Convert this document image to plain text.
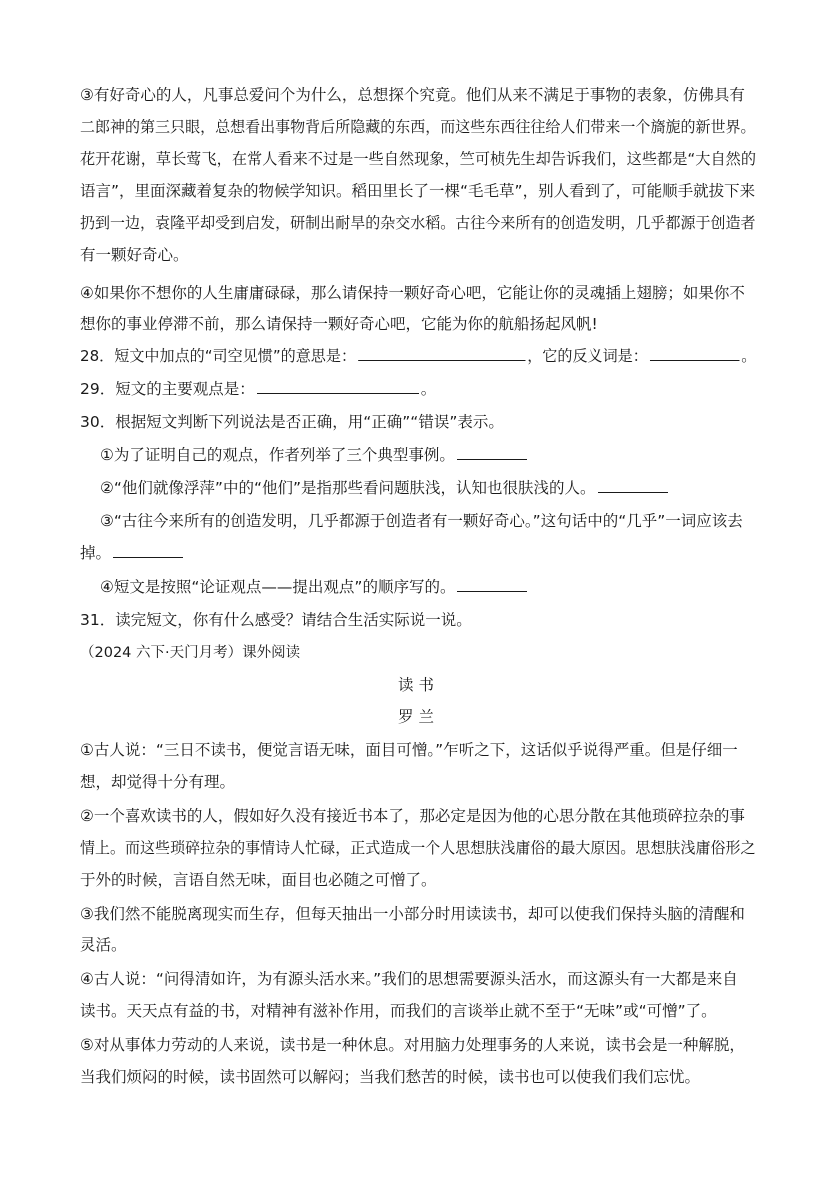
③有好奇心的人，凡事总爱问个为什么，总想探个究竟。他们从来不满足于事物的表象，仿佛具有
二郎神的第三只眼，总想看出事物背后所隐藏的东西，而这些东西往往给人们带来一个旖旎的新世界。
花开花谢，草长莺飞，在常人看来不过是一些自然现象，竺可桢先生却告诉我们，这些都是“大自然的
语言”，里面深藏着复杂的物候学知识。稻田里长了一棵“毛毛草”，别人看到了，可能顺手就拔下来
扔到一边，袁隆平却受到启发，研制出耐旱的杂交水稻。古往今来所有的创造发明，几乎都源于创造者
有一颗好奇心。
④如果你不想你的人生庸庸碌碌，那么请保持一颗好奇心吧，它能让你的灵魂插上翅膀；如果你不
想你的事业停滞不前，那么请保持一颗好奇心吧，它能为你的航船扬起风帆!
28．短文中加点的“司空见惯”的意思是：	，它的反义词是：	。
29．短文的主要观点是：	。
30．根据短文判断下列说法是否正确，用“正确”“错误”表示。
①为了证明自己的观点，作者列举了三个典型事例。
②“他们就像浮萍”中的“他们”是指那些看问题肤浅，认知也很肤浅的人。
③“古往今来所有的创造发明，几乎都源于创造者有一颗好奇心。”这句话中的“几乎”一词应该去
掉。
④短文是按照“论证观点——提出观点”的顺序写的。
31．读完短文，你有什么感受？请结合生活实际说一说。
（2024 六下·天门月考）课外阅读
读 书
罗 兰
①古人说：“三日不读书，便觉言语无味，面目可憎。”乍听之下，这话似乎说得严重。但是仔细一
想，却觉得十分有理。
②一个喜欢读书的人，假如好久没有接近书本了，那必定是因为他的心思分散在其他琐碎拉杂的事
情上。而这些琐碎拉杂的事情诗人忙碌，正式造成一个人思想肤浅庸俗的最大原因。思想肤浅庸俗形之
于外的时候，言语自然无味，面目也必随之可憎了。
③我们然不能脱离现实而生存，但每天抽出一小部分时用读读书，却可以使我们保持头脑的清醒和
灵活。
④古人说：“问得清如许，为有源头活水来。”我们的思想需要源头活水，而这源头有一大都是来自
读书。天天点有益的书，对精神有滋补作用，而我们的言谈举止就不至于“无味”或“可憎”了。
⑤对从事体力劳动的人来说，读书是一种休息。对用脑力处理事务的人来说，读书会是一种解脱，
当我们烦闷的时候，读书固然可以解闷；当我们愁苦的时候，读书也可以使我们我们忘忧。
